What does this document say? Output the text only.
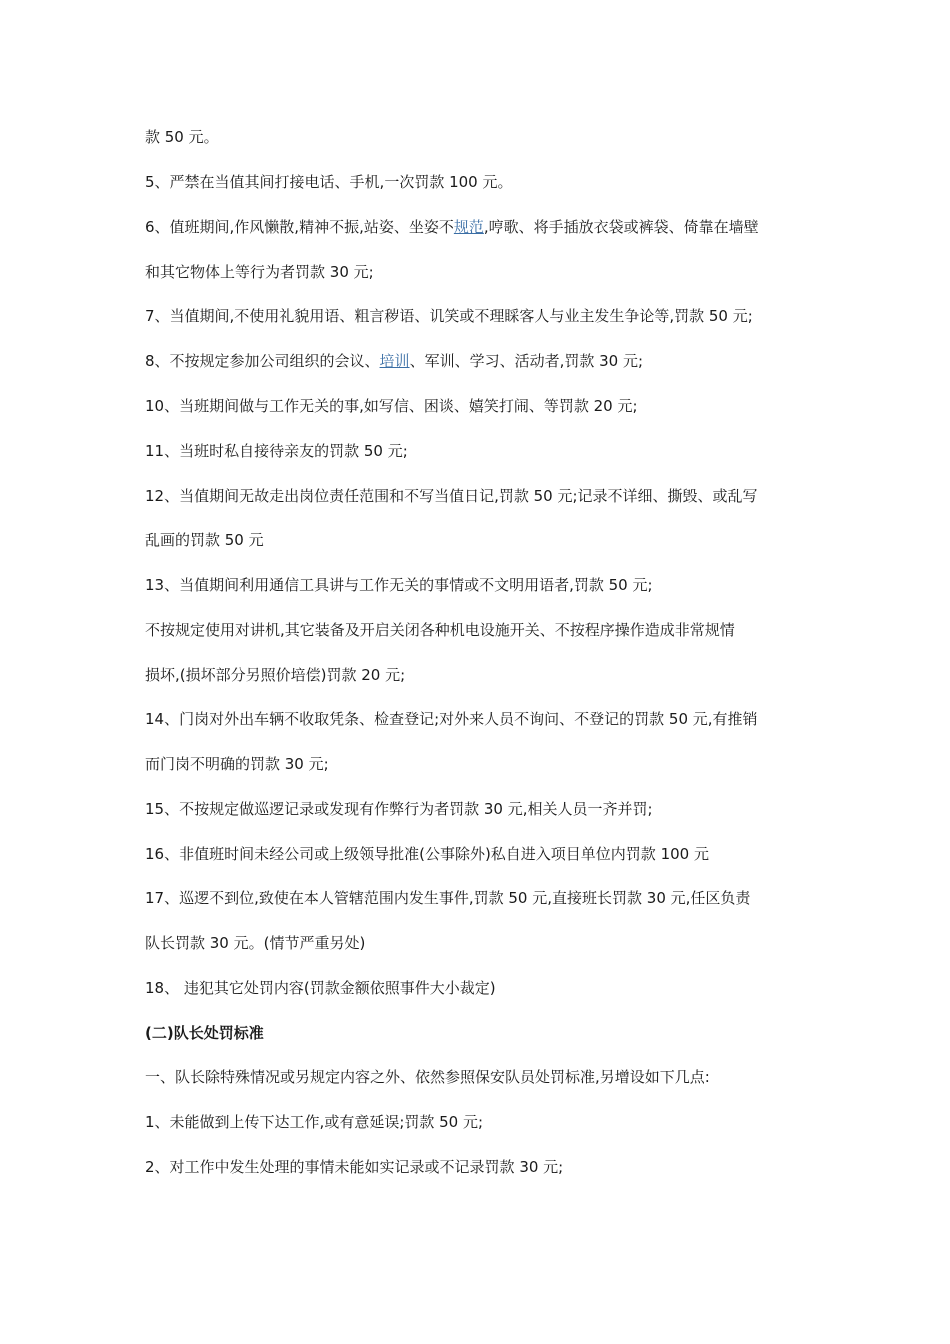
款 50 元。
5、严禁在当值其间打接电话、手机,一次罚款 100 元。
6、值班期间,作风懒散,精神不振,站姿、坐姿不规范,哼歌、将手插放衣袋或裤袋、倚靠在墙壁
和其它物体上等行为者罚款 30 元;
7、当值期间,不使用礼貌用语、粗言秽语、讥笑或不理睬客人与业主发生争论等,罚款 50 元;
8、不按规定参加公司组织的会议、培训、军训、学习、活动者,罚款 30 元;
10、当班期间做与工作无关的事,如写信、困谈、嬉笑打闹、等罚款 20 元;
11、当班时私自接待亲友的罚款 50 元;
12、当值期间无故走出岗位责任范围和不写当值日记,罚款 50 元;记录不详细、撕毁、或乱写
乱画的罚款 50 元
13、当值期间利用通信工具讲与工作无关的事情或不文明用语者,罚款 50 元;
不按规定使用对讲机,其它装备及开启关闭各种机电设施开关、不按程序操作造成非常规情
损坏,(损坏部分另照价培偿)罚款 20 元;
14、门岗对外出车辆不收取凭条、检查登记;对外来人员不询问、不登记的罚款 50 元,有推销
而门岗不明确的罚款 30 元;
15、不按规定做巡逻记录或发现有作弊行为者罚款 30 元,相关人员一齐并罚;
16、非值班时间未经公司或上级领导批准(公事除外)私自进入项目单位内罚款 100 元
17、巡逻不到位,致使在本人管辖范围内发生事件,罚款 50 元,直接班长罚款 30 元,任区负责
队长罚款 30 元。(情节严重另处)
18、 违犯其它处罚内容(罚款金额依照事件大小裁定)
(二)队长处罚标准
一、队长除特殊情况或另规定内容之外、依然参照保安队员处罚标准,另增设如下几点:
1、未能做到上传下达工作,或有意延误;罚款 50 元;
2、对工作中发生处理的事情未能如实记录或不记录罚款 30 元;
